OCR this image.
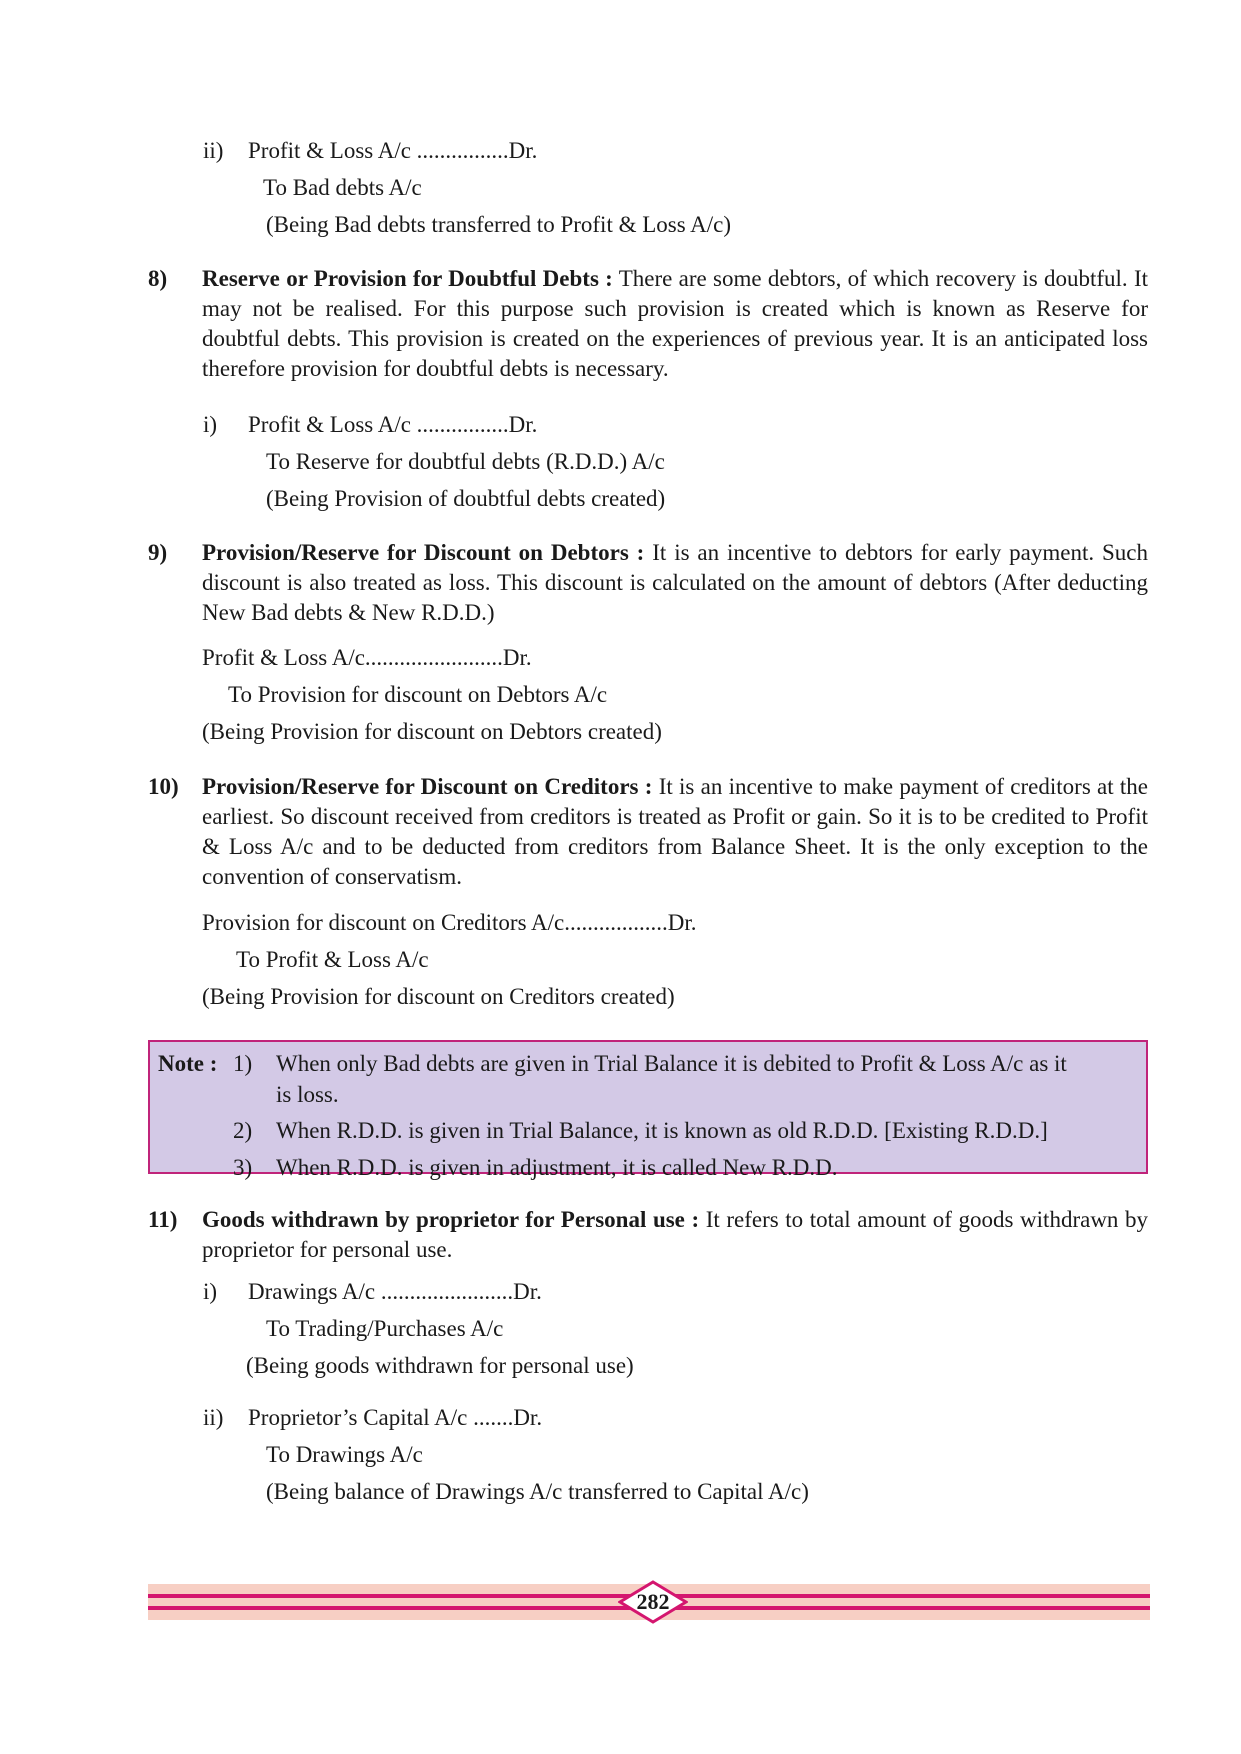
ii) Profit & Loss A/c ................Dr.
To Bad debts A/c
(Being Bad debts transferred to Profit & Loss A/c)
8) Reserve or Provision for Doubtful Debts : There are some debtors, of which recovery is doubtful. It may not be realised. For this purpose such provision is created which is known as Reserve for doubtful debts. This provision is created on the experiences of previous year. It is an anticipated loss therefore provision for doubtful debts is necessary.
i) Profit & Loss A/c ................Dr.
To Reserve for doubtful debts (R.D.D.) A/c
(Being Provision of doubtful debts created)
9) Provision/Reserve for Discount on Debtors : It is an incentive to debtors for early payment. Such discount is also treated as loss. This discount is calculated on the amount of debtors (After deducting New Bad debts & New R.D.D.)
Profit & Loss A/c........................Dr.
To Provision for discount on Debtors A/c
(Being Provision for discount on Debtors created)
10) Provision/Reserve for Discount on Creditors : It is an incentive to make payment of creditors at the earliest. So discount received from creditors is treated as Profit or gain. So it is to be credited to Profit & Loss A/c and to be deducted from creditors from Balance Sheet. It is the only exception to the convention of conservatism.
Provision for discount on Creditors A/c..................Dr.
To Profit & Loss A/c
(Being Provision for discount on Creditors created)
Note : 1) When only Bad debts are given in Trial Balance it is debited to Profit & Loss A/c as it
is loss.
2) When R.D.D. is given in Trial Balance, it is known as old R.D.D. [Existing R.D.D.]
3) When R.D.D. is given in adjustment, it is called New R.D.D.
11) Goods withdrawn by proprietor for Personal use : It refers to total amount of goods withdrawn by proprietor for personal use.
i) Drawings A/c .......................Dr.
To Trading/Purchases A/c
(Being goods withdrawn for personal use)
ii) Proprietor’s Capital A/c .......Dr.
To Drawings A/c
(Being balance of Drawings A/c transferred to Capital A/c)
282
